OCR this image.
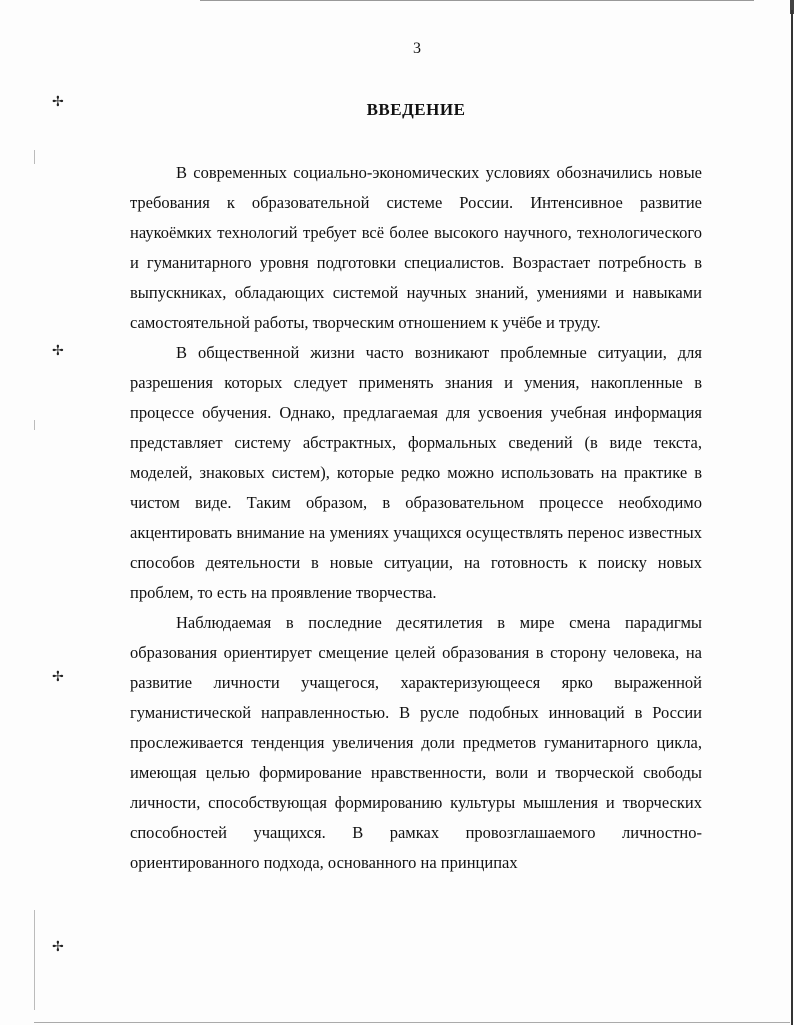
✢
✢
✢
✢
3
ВВЕДЕНИЕ

В современных социально-экономических условиях обозначились новые требования к образовательной системе России. Интенсивное развитие наукоёмких технологий требует всё более высокого научного, технологического и гуманитарного уровня подготовки специалистов. Возрастает потребность в выпускниках, обладающих системой научных знаний, умениями и навыками самостоятельной работы, творческим отношением к учёбе и труду.

В общественной жизни часто возникают проблемные ситуации, для разрешения которых следует применять знания и умения, накопленные в процессе обучения. Однако, предлагаемая для усвоения учебная информация представляет систему абстрактных, формальных сведений (в виде текста, моделей, знаковых систем), которые редко можно использовать на практике в чистом виде. Таким образом, в образовательном процессе необходимо акцентировать внимание на умениях учащихся осуществлять перенос известных способов деятельности в новые ситуации, на готовность к поиску новых проблем, то есть на проявление творчества.

Наблюдаемая в последние десятилетия в мире смена парадигмы образования ориентирует смещение целей образования в сторону человека, на развитие личности учащегося, характеризующееся ярко выраженной гуманистической направленностью. В русле подобных инноваций в России прослеживается тенденция увеличения доли предметов гуманитарного цикла, имеющая целью формирование нравственности, воли и творческой свободы личности, способствующая формированию культуры мышления и творческих способностей учащихся. В рамках провозглашаемого личностно-ориентированного подхода, основанного на принципах
